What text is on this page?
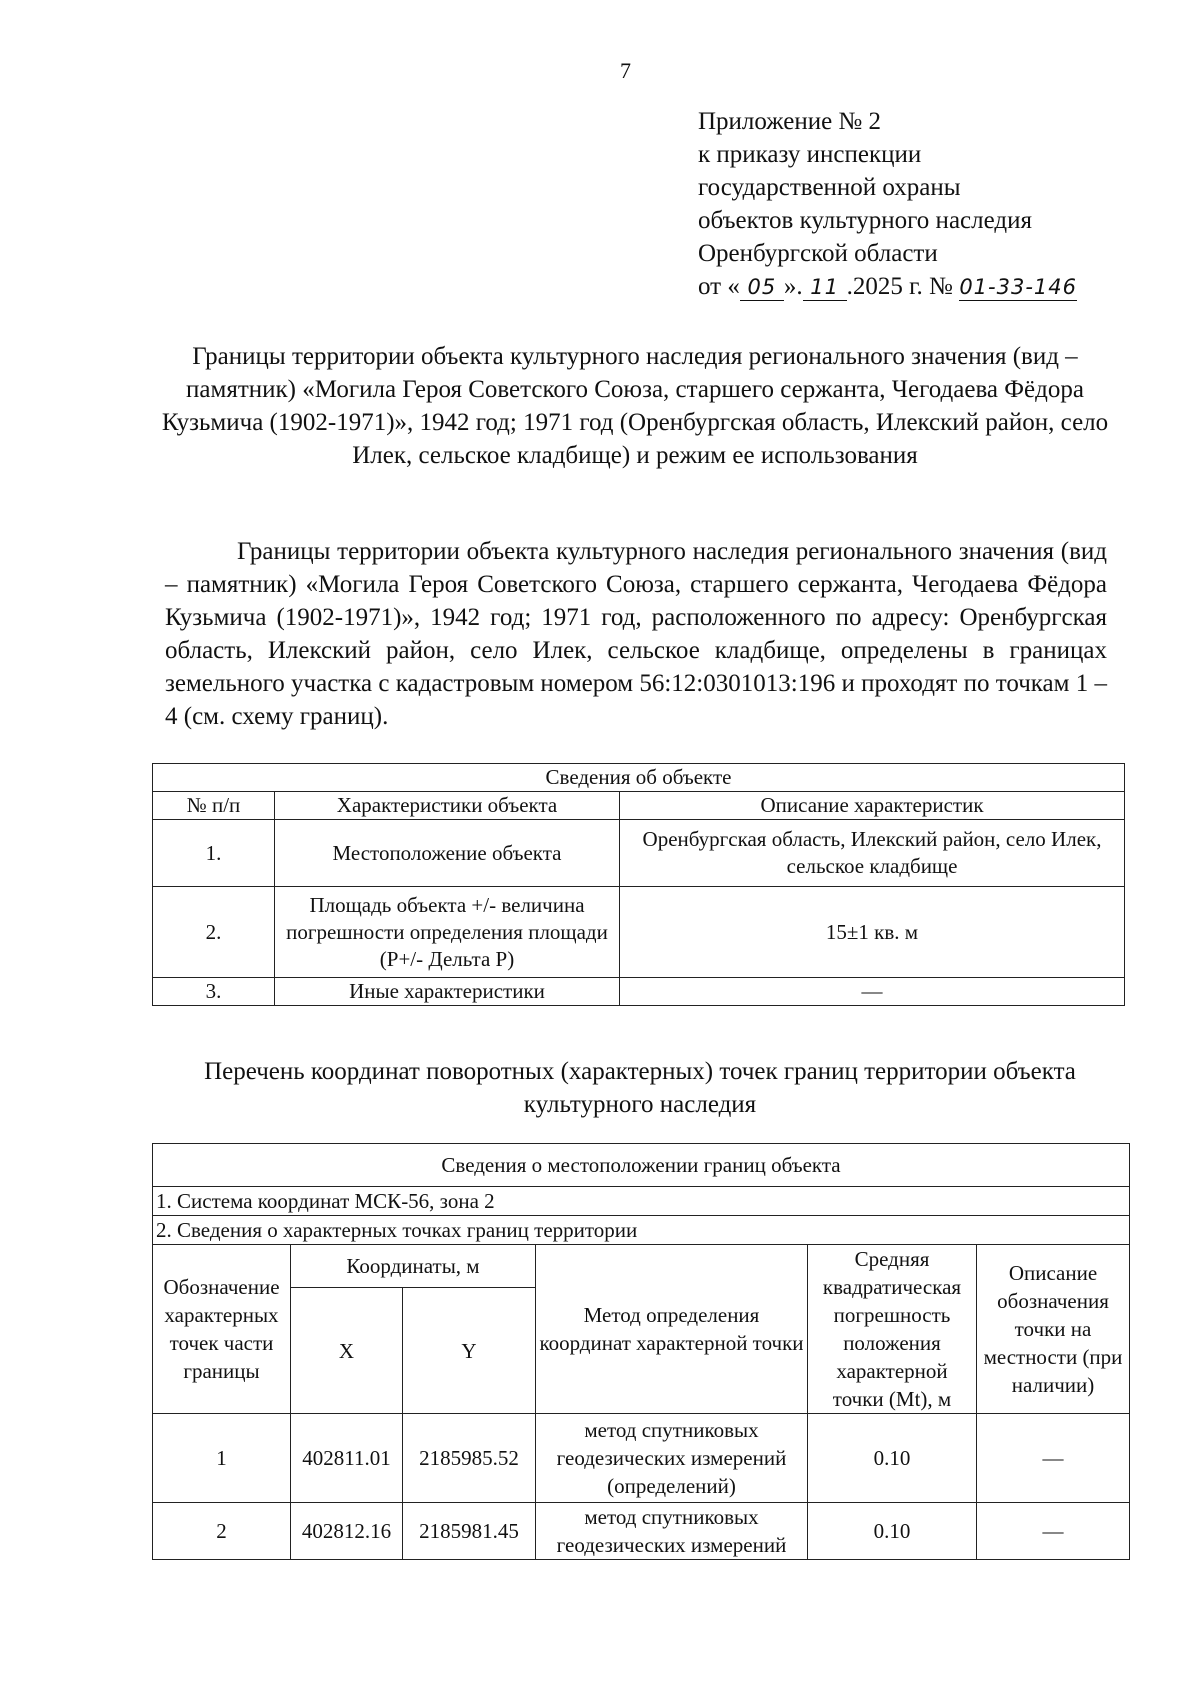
7
Приложение № 2
к приказу инспекции
государственной охраны
объектов культурного наследия
Оренбургской области
от « 05 ». 11 .2025 г. № 01-33-146
Границы территории объекта культурного наследия регионального значения (вид – памятник) «Могила Героя Советского Союза, старшего сержанта, Чегодаева Фёдора Кузьмича (1902-1971)», 1942 год; 1971 год (Оренбургская область, Илекский район, село Илек, сельское кладбище) и режим ее использования
Границы территории объекта культурного наследия регионального значения (вид – памятник) «Могила Героя Советского Союза, старшего сержанта, Чегодаева Фёдора Кузьмича (1902-1971)», 1942 год; 1971 год, расположенного по адресу: Оренбургская область, Илекский район, село Илек, сельское кладбище, определены в границах земельного участка с кадастровым номером 56:12:0301013:196 и проходят по точкам 1 – 4 (см. схему границ).
Сведения об объекте		
№ п/п	Характеристики объекта	Описание характеристик
1.	Местоположение объекта	Оренбургская область, Илекский район, село Илек, сельское кладбище
2.	Площадь объекта +/- величина погрешности определения площади (P+/- Дельта P)	15±1 кв. м
3.	Иные характеристики	—
Перечень координат поворотных (характерных) точек границ территории объекта культурного наследия
Сведения о местоположении границ объекта					
1. Система координат МСК-56, зона 2					
2. Сведения о характерных точках границ территории					
Обозначение характерных точек части границы	Координаты, м		Метод определения координат характерной точки	Средняя квадратическая погрешность положения характерной точки (Mt), м	Описание обозначения точки на местности (при наличии)
	X	Y			
1	402811.01	2185985.52	метод спутниковых геодезических измерений (определений)	0.10	—
2	402812.16	2185981.45	метод спутниковых геодезических измерений	0.10	—
